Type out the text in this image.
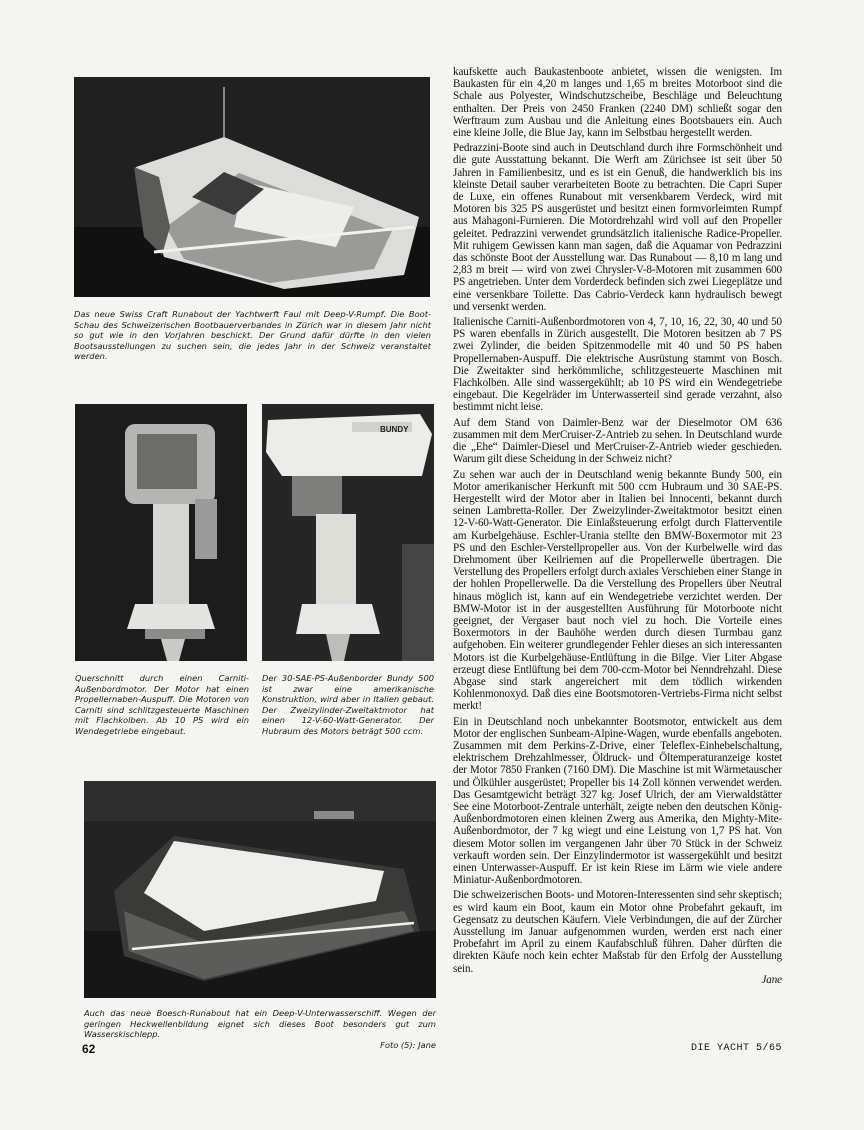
Das neue Swiss Craft Runabout der Yachtwerft Faul mit Deep-V-Rumpf. Die Boot-Schau des Schweizerischen Bootbauerverbandes in Zürich war in diesem Jahr nicht so gut wie in den Vorjahren beschickt. Der Grund dafür dürfte in den vielen Bootsausstellungen zu suchen sein, die jedes Jahr in der Schweiz veranstaltet werden.

BUNDY

Querschnitt durch einen Carniti-Außenbordmotor. Der Motor hat einen Propellernaben-Auspuff. Die Motoren von Carniti sind schlitzgesteuerte Maschinen mit Flachkolben. Ab 10 PS wird ein Wendegetriebe eingebaut.

Der 30-SAE-PS-Außenborder Bundy 500 ist zwar eine amerikanische Konstruktion, wird aber in Italien gebaut. Der Zweizylinder-Zweitaktmotor hat einen 12-V-60-Watt-Generator. Der Hubraum des Motors beträgt 500 ccm.

Auch das neue Boesch-Runabout hat ein Deep-V-Unterwasserschiff. Wegen der geringen Heckwellenbildung eignet sich dieses Boot besonders gut zum Wasserskischlepp.
Foto (5): Jane

kaufskette auch Baukastenboote anbietet, wissen die wenigsten. Im Baukasten für ein 4,20 m langes und 1,65 m breites Motorboot sind die Schale aus Polyester, Windschutzscheibe, Beschläge und Beleuchtung enthalten. Der Preis von 2450 Franken (2240 DM) schließt sogar den Werftraum zum Ausbau und die Anleitung eines Bootsbauers ein. Auch eine kleine Jolle, die Blue Jay, kann im Selbstbau hergestellt werden.

Pedrazzini-Boote sind auch in Deutschland durch ihre Formschönheit und die gute Ausstattung bekannt. Die Werft am Zürichsee ist seit über 50 Jahren in Familienbesitz, und es ist ein Genuß, die handwerklich bis ins kleinste Detail sauber verarbeiteten Boote zu betrachten. Die Capri Super de Luxe, ein offenes Runabout mit versenkbarem Verdeck, wird mit Motoren bis 325 PS ausgerüstet und besitzt einen formvorleimten Rumpf aus Mahagoni-Furnieren. Die Motordrehzahl wird voll auf den Propeller geleitet. Pedrazzini verwendet grundsätzlich italienische Radice-Propeller. Mit ruhigem Gewissen kann man sagen, daß die Aquamar von Pedrazzini das schönste Boot der Ausstellung war. Das Runabout — 8,10 m lang und 2,83 m breit — wird von zwei Chrysler-V-8-Motoren mit zusammen 600 PS angetrieben. Unter dem Vorderdeck befinden sich zwei Liegeplätze und eine versenkbare Toilette. Das Cabrio-Verdeck kann hydraulisch bewegt und versenkt werden.

Italienische Carniti-Außenbordmotoren von 4, 7, 10, 16, 22, 30, 40 und 50 PS waren ebenfalls in Zürich ausgestellt. Die Motoren besitzen ab 7 PS zwei Zylinder, die beiden Spitzenmodelle mit 40 und 50 PS haben Propellernaben-Auspuff. Die elektrische Ausrüstung stammt von Bosch. Die Zweitakter sind herkömmliche, schlitzgesteuerte Maschinen mit Flachkolben. Alle sind wassergekühlt; ab 10 PS wird ein Wendegetriebe eingebaut. Die Kegelräder im Unterwasserteil sind gerade verzahnt, also bestimmt nicht leise.

Auf dem Stand von Daimler-Benz war der Dieselmotor OM 636 zusammen mit dem MerCruiser-Z-Antrieb zu sehen. In Deutschland wurde die „Ehe“ Daimler-Diesel und MerCruiser-Z-Antrieb wieder geschieden. Warum gilt diese Scheidung in der Schweiz nicht?

Zu sehen war auch der in Deutschland wenig bekannte Bundy 500, ein Motor amerikanischer Herkunft mit 500 ccm Hubraum und 30 SAE-PS. Hergestellt wird der Motor aber in Italien bei Innocenti, bekannt durch seinen Lambretta-Roller. Der Zweizylinder-Zweitaktmotor besitzt einen 12-V-60-Watt-Generator. Die Einlaßsteuerung erfolgt durch Flatterventile am Kurbelgehäuse. Eschler-Urania stellte den BMW-Boxermotor mit 23 PS und den Eschler-Verstellpropeller aus. Von der Kurbelwelle wird das Drehmoment über Keilriemen auf die Propellerwelle übertragen. Die Verstellung des Propellers erfolgt durch axiales Verschieben einer Stange in der hohlen Propellerwelle. Da die Verstellung des Propellers über Neutral hinaus möglich ist, kann auf ein Wendegetriebe verzichtet werden. Der BMW-Motor ist in der ausgestellten Ausführung für Motorboote nicht geeignet, der Vergaser baut noch viel zu hoch. Die Vorteile eines Boxermotors in der Bauhöhe werden durch diesen Turmbau ganz aufgehoben. Ein weiterer grundlegender Fehler dieses an sich interessanten Motors ist die Kurbelgehäuse-Entlüftung in die Bilge. Vier Liter Abgase erzeugt diese Entlüftung bei dem 700-ccm-Motor bei Nenndrehzahl. Diese Abgase sind stark angereichert mit dem tödlich wirkenden Kohlenmonoxyd. Daß dies eine Bootsmotoren-Vertriebs-Firma nicht selbst merkt!

Ein in Deutschland noch unbekannter Bootsmotor, entwickelt aus dem Motor der englischen Sunbeam-Alpine-Wagen, wurde ebenfalls angeboten. Zusammen mit dem Perkins-Z-Drive, einer Teleflex-Einhebelschaltung, elektrischem Drehzahlmesser, Öldruck- und Öltemperaturanzeige kostet der Motor 7850 Franken (7160 DM). Die Maschine ist mit Wärmetauscher und Ölkühler ausgerüstet; Propeller bis 14 Zoll können verwendet werden. Das Gesamtgewicht beträgt 327 kg. Josef Ulrich, der am Vierwaldstätter See eine Motorboot-Zentrale unterhält, zeigte neben den deutschen König-Außenbordmotoren einen kleinen Zwerg aus Amerika, den Mighty-Mite-Außenbordmotor, der 7 kg wiegt und eine Leistung von 1,7 PS hat. Von diesem Motor sollen im vergangenen Jahr über 70 Stück in der Schweiz verkauft worden sein. Der Einzylindermotor ist wassergekühlt und besitzt einen Unterwasser-Auspuff. Er ist kein Riese im Lärm wie viele andere Miniatur-Außenbordmotoren.

Die schweizerischen Boots- und Motoren-Interessenten sind sehr skeptisch; es wird kaum ein Boot, kaum ein Motor ohne Probefahrt gekauft, im Gegensatz zu deutschen Käufern. Viele Verbindungen, die auf der Zürcher Ausstellung im Januar aufgenommen wurden, werden erst nach einer Probefahrt im April zu einem Kaufabschluß führen. Daher dürften die direkten Käufe noch kein echter Maßstab für den Erfolg der Ausstellung sein.

Jane
62	DIE YACHT 5/65
